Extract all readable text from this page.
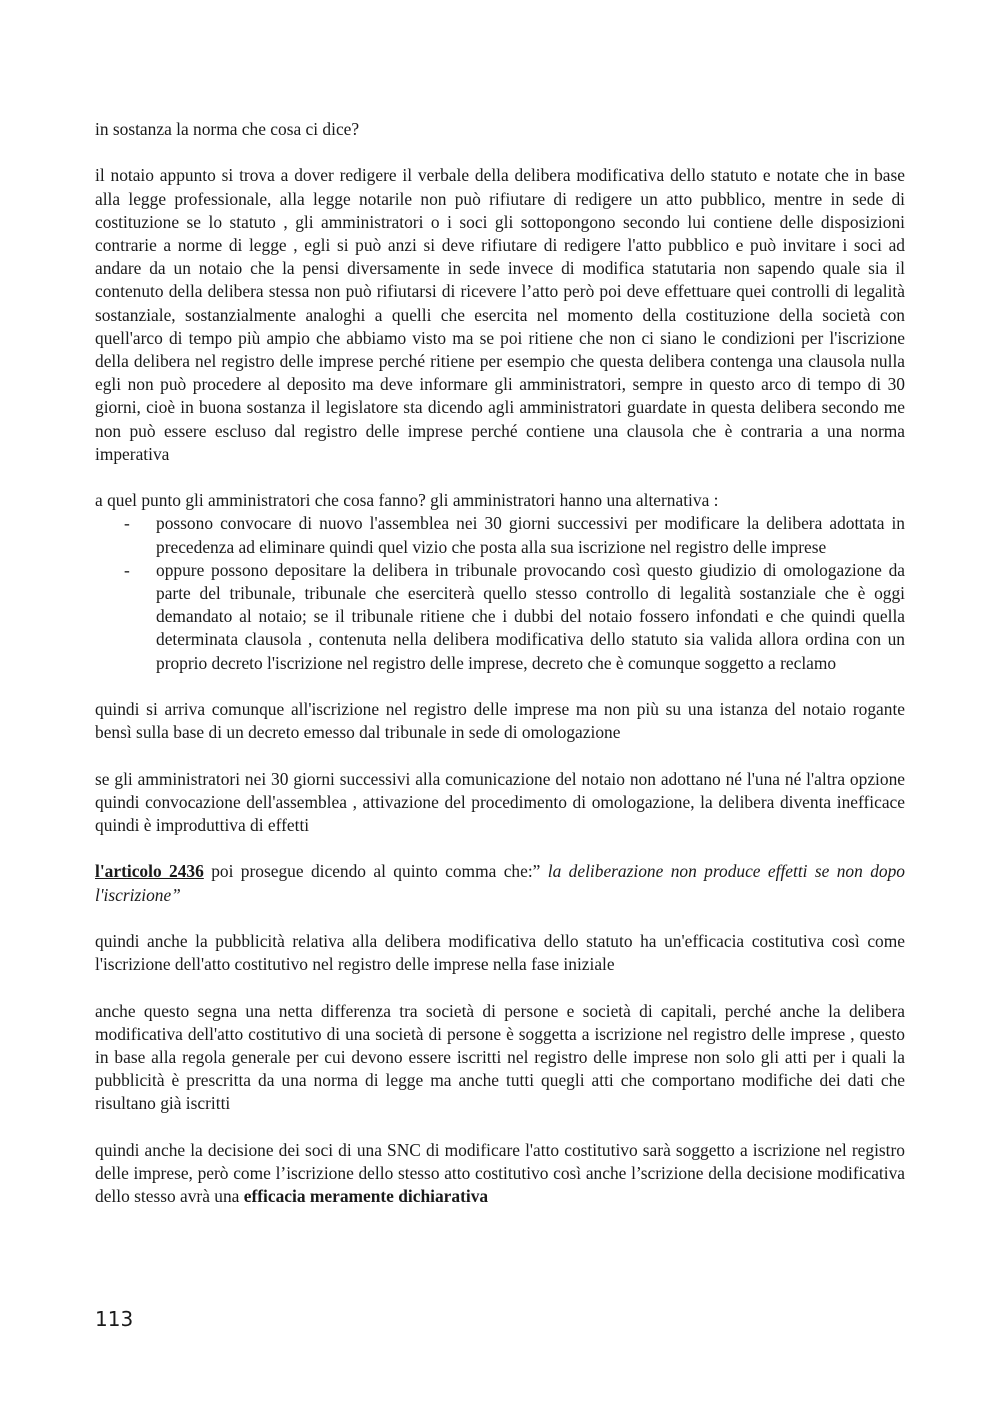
in sostanza la norma che cosa ci dice?

il notaio appunto si trova a dover redigere il verbale della delibera modificativa dello statuto e notate che in base alla legge professionale, alla legge notarile non può rifiutare di redigere un atto pubblico, mentre in sede di costituzione se lo statuto , gli amministratori o i soci gli sottopongono secondo lui contiene delle disposizioni contrarie a norme di legge , egli si può anzi si deve rifiutare di redigere l'atto pubblico e può invitare i soci ad andare da un notaio che la pensi diversamente in sede invece di modifica statutaria non sapendo quale sia il contenuto della delibera stessa non può rifiutarsi di ricevere l’atto però poi deve effettuare quei controlli di legalità sostanziale, sostanzialmente analoghi a quelli che esercita nel momento della costituzione della società con quell'arco di tempo più ampio che abbiamo visto ma se poi ritiene che non ci siano le condizioni per l'iscrizione della delibera nel registro delle imprese perché ritiene per esempio che questa delibera contenga una clausola nulla egli non può procedere al deposito ma deve informare gli amministratori, sempre in questo arco di tempo di 30 giorni, cioè in buona sostanza il legislatore sta dicendo agli amministratori guardate in questa delibera secondo me non può essere escluso dal registro delle imprese perché contiene una clausola che è contraria a una norma imperativa

a quel punto gli amministratori che cosa fanno? gli amministratori hanno una alternativa :

- possono convocare di nuovo l'assemblea nei 30 giorni successivi per modificare la delibera adottata in precedenza ad eliminare quindi quel vizio che posta alla sua iscrizione nel registro delle imprese
- oppure possono depositare la delibera in tribunale provocando così questo giudizio di omologazione da parte del tribunale, tribunale che eserciterà quello stesso controllo di legalità sostanziale che è oggi demandato al notaio; se il tribunale ritiene che i dubbi del notaio fossero infondati e che quindi quella determinata clausola , contenuta nella delibera modificativa dello statuto sia valida allora ordina con un proprio decreto l'iscrizione nel registro delle imprese, decreto che è comunque soggetto a reclamo

quindi si arriva comunque all'iscrizione nel registro delle imprese ma non più su una istanza del notaio rogante bensì sulla base di un decreto emesso dal tribunale in sede di omologazione

se gli amministratori nei 30 giorni successivi alla comunicazione del notaio non adottano né l'una né l'altra opzione quindi convocazione dell'assemblea , attivazione del procedimento di omologazione, la delibera diventa inefficace quindi è improduttiva di effetti

l'articolo 2436 poi prosegue dicendo al quinto comma che:” la deliberazione non produce effetti se non dopo l'iscrizione”

quindi anche la pubblicità relativa alla delibera modificativa dello statuto ha un'efficacia costitutiva così come l'iscrizione dell'atto costitutivo nel registro delle imprese nella fase iniziale

anche questo segna una netta differenza tra società di persone e società di capitali, perché anche la delibera modificativa dell'atto costitutivo di una società di persone è soggetta a iscrizione nel registro delle imprese , questo in base alla regola generale per cui devono essere iscritti nel registro delle imprese non solo gli atti per i quali la pubblicità è prescritta da una norma di legge ma anche tutti quegli atti che comportano modifiche dei dati che risultano già iscritti

quindi anche la decisione dei soci di una SNC di modificare l'atto costitutivo sarà soggetto a iscrizione nel registro delle imprese, però come l’iscrizione dello stesso atto costitutivo così anche l’scrizione della decisione modificativa dello stesso avrà una efficacia meramente dichiarativa

113
